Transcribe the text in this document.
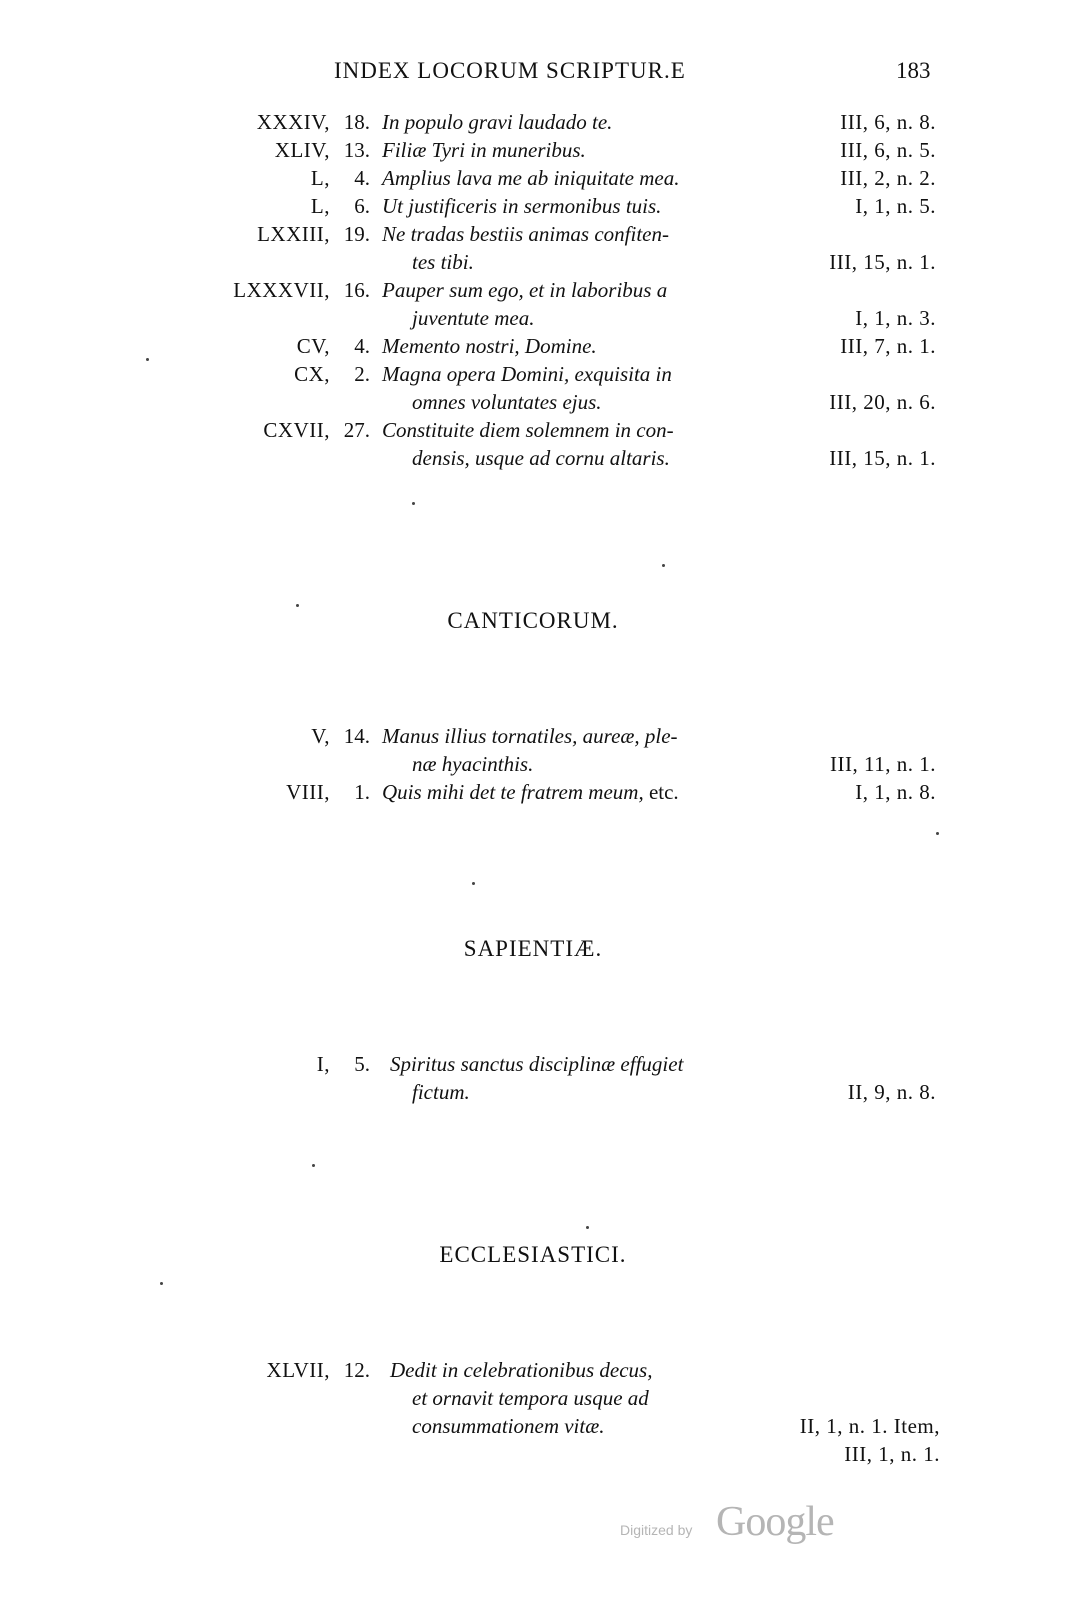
INDEX LOCORUM SCRIPTUR.E	183
XXXIV, 18. In populo gravi laudado te.	III, 6, n. 8.
XLIV, 13. Filiæ Tyri in muneribus.	III, 6, n. 5.
L, 4. Amplius lava me ab iniquitate mea.	III, 2, n. 2.
L, 6. Ut justificeris in sermonibus tuis.	I, 1, n. 5.
LXXIII, 19. Ne tradas bestiis animas confiten-
tes tibi.	III, 15, n. 1.
LXXXVII, 16. Pauper sum ego, et in laboribus a
juventute mea.	I, 1, n. 3.
CV, 4. Memento nostri, Domine.	III, 7, n. 1.
CX, 2. Magna opera Domini, exquisita in
omnes voluntates ejus.	III, 20, n. 6.
CXVII, 27. Constituite diem solemnem in con-
densis, usque ad cornu altaris.	III, 15, n. 1.
CANTICORUM.
V, 14. Manus illius tornatiles, aureæ, ple-
næ hyacinthis.	III, 11, n. 1.
VIII, 1. Quis mihi det te fratrem meum, etc.	I, 1, n. 8.
SAPIENTIÆ.
I, 5. Spiritus sanctus disciplinæ effugiet
fictum.	II, 9, n. 8.
ECCLESIASTICI.
XLVII, 12. Dedit in celebrationibus decus,
et ornavit tempora usque ad
consummationem vitæ.	II, 1, n. 1. Item,
III, 1, n. 1.
Digitized by Google
